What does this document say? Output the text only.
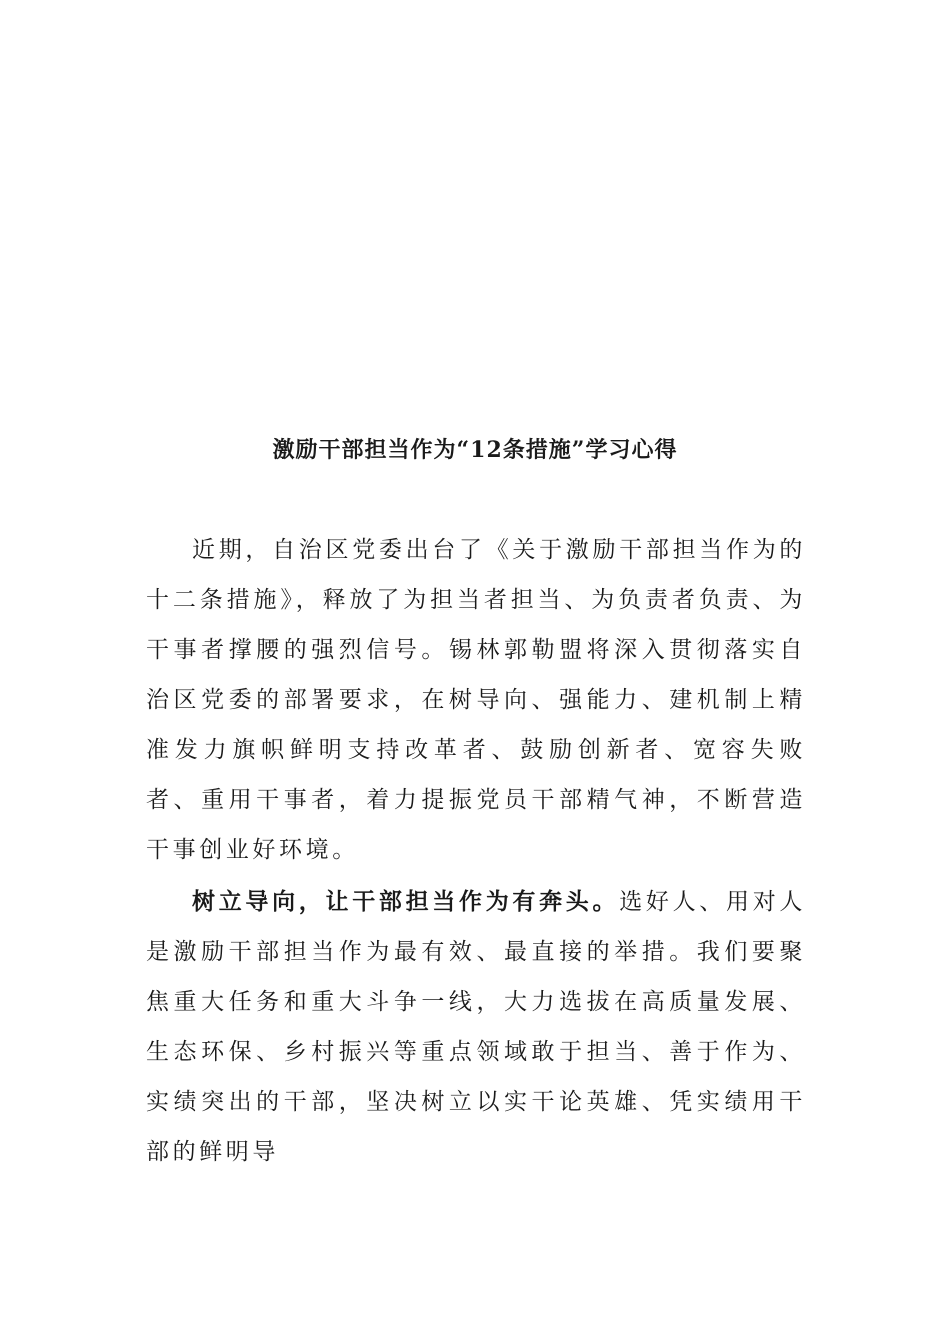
激励干部担当作为“12条措施”学习心得

近期，自治区党委出台了《关于激励干部担当作为的十二条措施》，释放了为担当者担当、为负责者负责、为干事者撑腰的强烈信号。锡林郭勒盟将深入贯彻落实自治区党委的部署要求，在树导向、强能力、建机制上精准发力旗帜鲜明支持改革者、鼓励创新者、宽容失败者、重用干事者，着力提振党员干部精气神，不断营造干事创业好环境。

树立导向，让干部担当作为有奔头。选好人、用对人是激励干部担当作为最有效、最直接的举措。我们要聚焦重大任务和重大斗争一线，大力选拔在高质量发展、生态环保、乡村振兴等重点领域敢于担当、善于作为、实绩突出的干部，坚决树立以实干论英雄、凭实绩用干部的鲜明导
